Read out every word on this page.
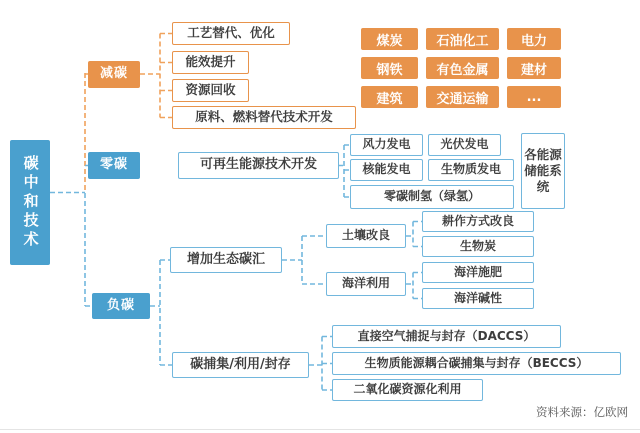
碳中和技术
减碳
零碳
负碳
工艺替代、优化
能效提升
资源回收
原料、燃料替代技术开发
煤炭	石油化工	电力
钢铁	有色金属	建材
建筑	交通运输	...
可再生能源技术开发
风力发电	光伏发电
核能发电	生物质发电
零碳制氢（绿氢）
各能源储能系统
增加生态碳汇
土壤改良
海洋利用
耕作方式改良
生物炭
海洋施肥
海洋碱性
碳捕集/利用/封存
直接空气捕捉与封存（DACCS）
生物质能源耦合碳捕集与封存（BECCS）
二氧化碳资源化利用
资料来源：亿欧网
